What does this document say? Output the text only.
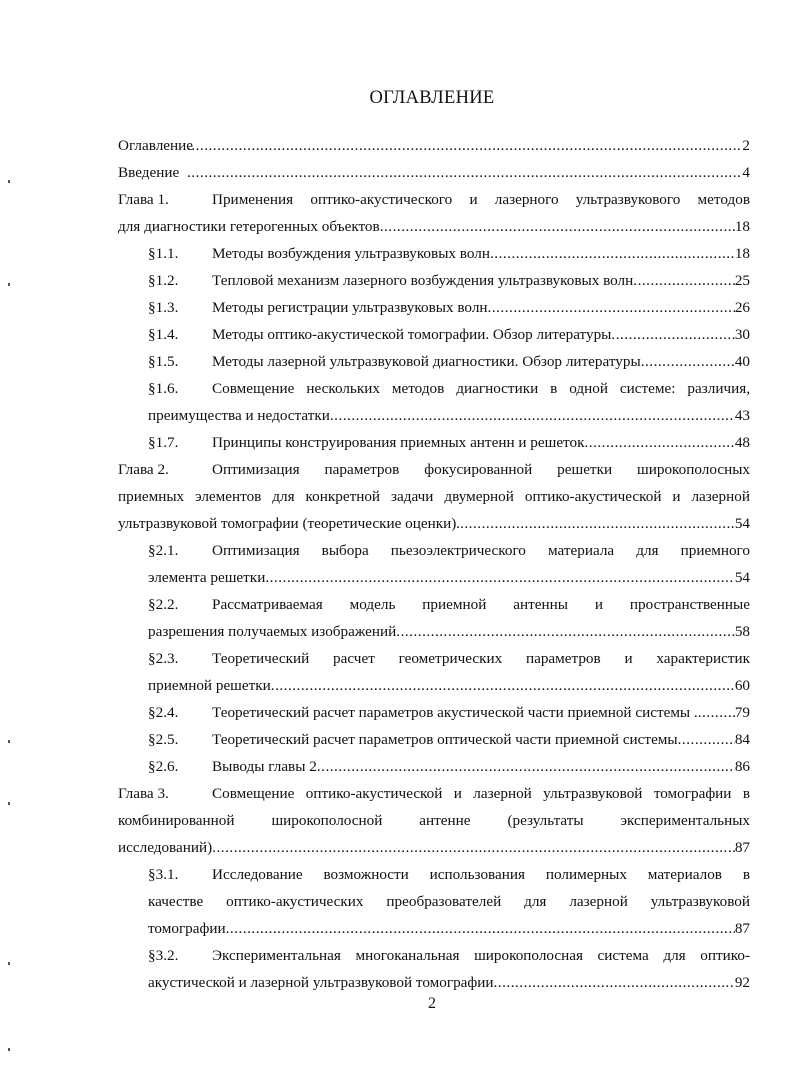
ОГЛАВЛЕНИЕ
Оглавление .....	2
Введение .....	4
Глава 1.	Применения оптико-акустического и лазерного ультразвукового методов
для диагностики гетерогенных объектов .....	18
§1.1.	Методы возбуждения ультразвуковых волн .....	18
§1.2.	Тепловой механизм лазерного возбуждения ультразвуковых волн .....	25
§1.3.	Методы регистрации ультразвуковых волн .....	26
§1.4.	Методы оптико-акустической томографии. Обзор литературы .....	30
§1.5.	Методы лазерной ультразвуковой диагностики. Обзор литературы .....	40
§1.6.	Совмещение нескольких методов диагностики в одной системе: различия,
преимущества и недостатки .....	43
§1.7.	Принципы конструирования приемных антенн и решеток .....	48
Глава 2.	Оптимизация параметров фокусированной решетки широкополосных
приемных элементов для конкретной задачи двумерной оптико-акустической и лазерной
ультразвуковой томографии (теоретические оценки). .....	54
§2.1.	Оптимизация выбора пьезоэлектрического материала для приемного
элемента решетки .....	54
§2.2.	Рассматриваемая модель приемной антенны и пространственные
разрешения получаемых изображений .....	58
§2.3.	Теоретический расчет геометрических параметров и характеристик
приемной решетки .....	60
§2.4.	Теоретический расчет параметров акустической части приемной системы . ..... 79
§2.5.	Теоретический расчет параметров оптической части приемной системы .....	84
§2.6.	Выводы главы 2 .....	86
Глава 3.	Совмещение оптико-акустической и лазерной ультразвуковой томографии в
комбинированной широкополосной антенне (результаты экспериментальных
исследований) .....	87
§3.1.	Исследование возможности использования полимерных материалов в
качестве оптико-акустических преобразователей для лазерной ультразвуковой
томографии .....	87
§3.2.	Экспериментальная многоканальная широкополосная система для оптико-
акустической и лазерной ультразвуковой томографии .....	92
2
